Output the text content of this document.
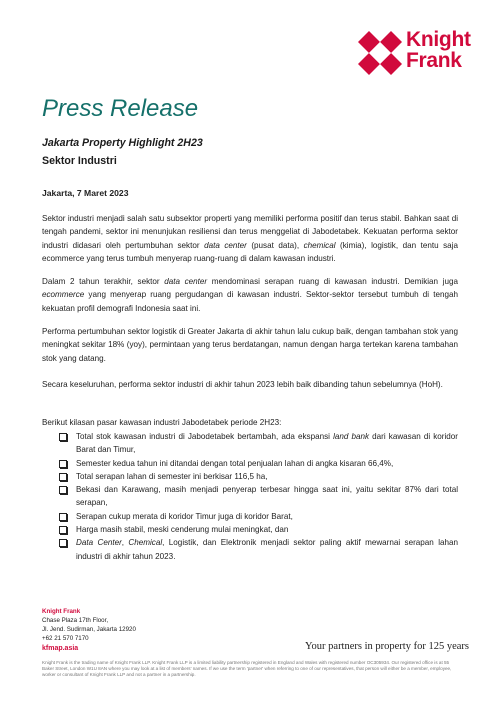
Knight
Frank
Press Release
Jakarta Property Highlight 2H23
Sektor Industri
Jakarta, 7 Maret 2023
Sektor industri menjadi salah satu subsektor properti yang memiliki performa positif dan terus stabil. Bahkan saat di tengah pandemi, sektor ini menunjukan resiliensi dan terus menggeliat di Jabodetabek. Kekuatan performa sektor industri didasari oleh pertumbuhan sektor data center (pusat data), chemical (kimia), logistik, dan tentu saja ecommerce yang terus tumbuh menyerap ruang-ruang di dalam kawasan industri.
Dalam 2 tahun terakhir, sektor data center mendominasi serapan ruang di kawasan industri. Demikian juga ecommerce yang menyerap ruang pergudangan di kawasan industri. Sektor-sektor tersebut tumbuh di tengah kekuatan profil demografi Indonesia saat ini.
Performa pertumbuhan sektor logistik di Greater Jakarta di akhir tahun lalu cukup baik, dengan tambahan stok yang meningkat sekitar 18% (yoy), permintaan yang terus berdatangan, namun dengan harga tertekan karena tambahan stok yang datang.
Secara keseluruhan, performa sektor industri di akhir tahun 2023 lebih baik dibanding tahun sebelumnya (HoH).
Berikut kilasan pasar kawasan industri Jabodetabek periode 2H23:
Total stok kawasan industri di Jabodetabek bertambah, ada ekspansi land bank dari kawasan di koridor Barat dan Timur,
Semester kedua tahun ini ditandai dengan total penjualan lahan di angka kisaran 66,4%,
Total serapan lahan di semester ini berkisar 116,5 ha,
Bekasi dan Karawang, masih menjadi penyerap terbesar hingga saat ini, yaitu sekitar 87% dari total serapan,
Serapan cukup merata di koridor Timur juga di koridor Barat,
Harga masih stabil, meski cenderung mulai meningkat, dan
Data Center, Chemical, Logistik, dan Elektronik menjadi sektor paling aktif mewarnai serapan lahan industri di akhir tahun 2023.
Knight Frank
Chase Plaza 17th Floor,
Jl. Jend. Sudirman, Jakarta 12920
+62 21 570 7170
kfmap.asia	Your partners in property for 125 years
Knight Frank is the trading name of Knight Frank LLP. Knight Frank LLP is a limited liability partnership registered in England and Wales with registered number OC305934. Our registered office is at 55 Baker Street, London W1U 8AN where you may look at a list of members' names. If we use the term 'partner' when referring to one of our representatives, that person will either be a member, employee, worker or consultant of Knight Frank LLP and not a partner in a partnership.
